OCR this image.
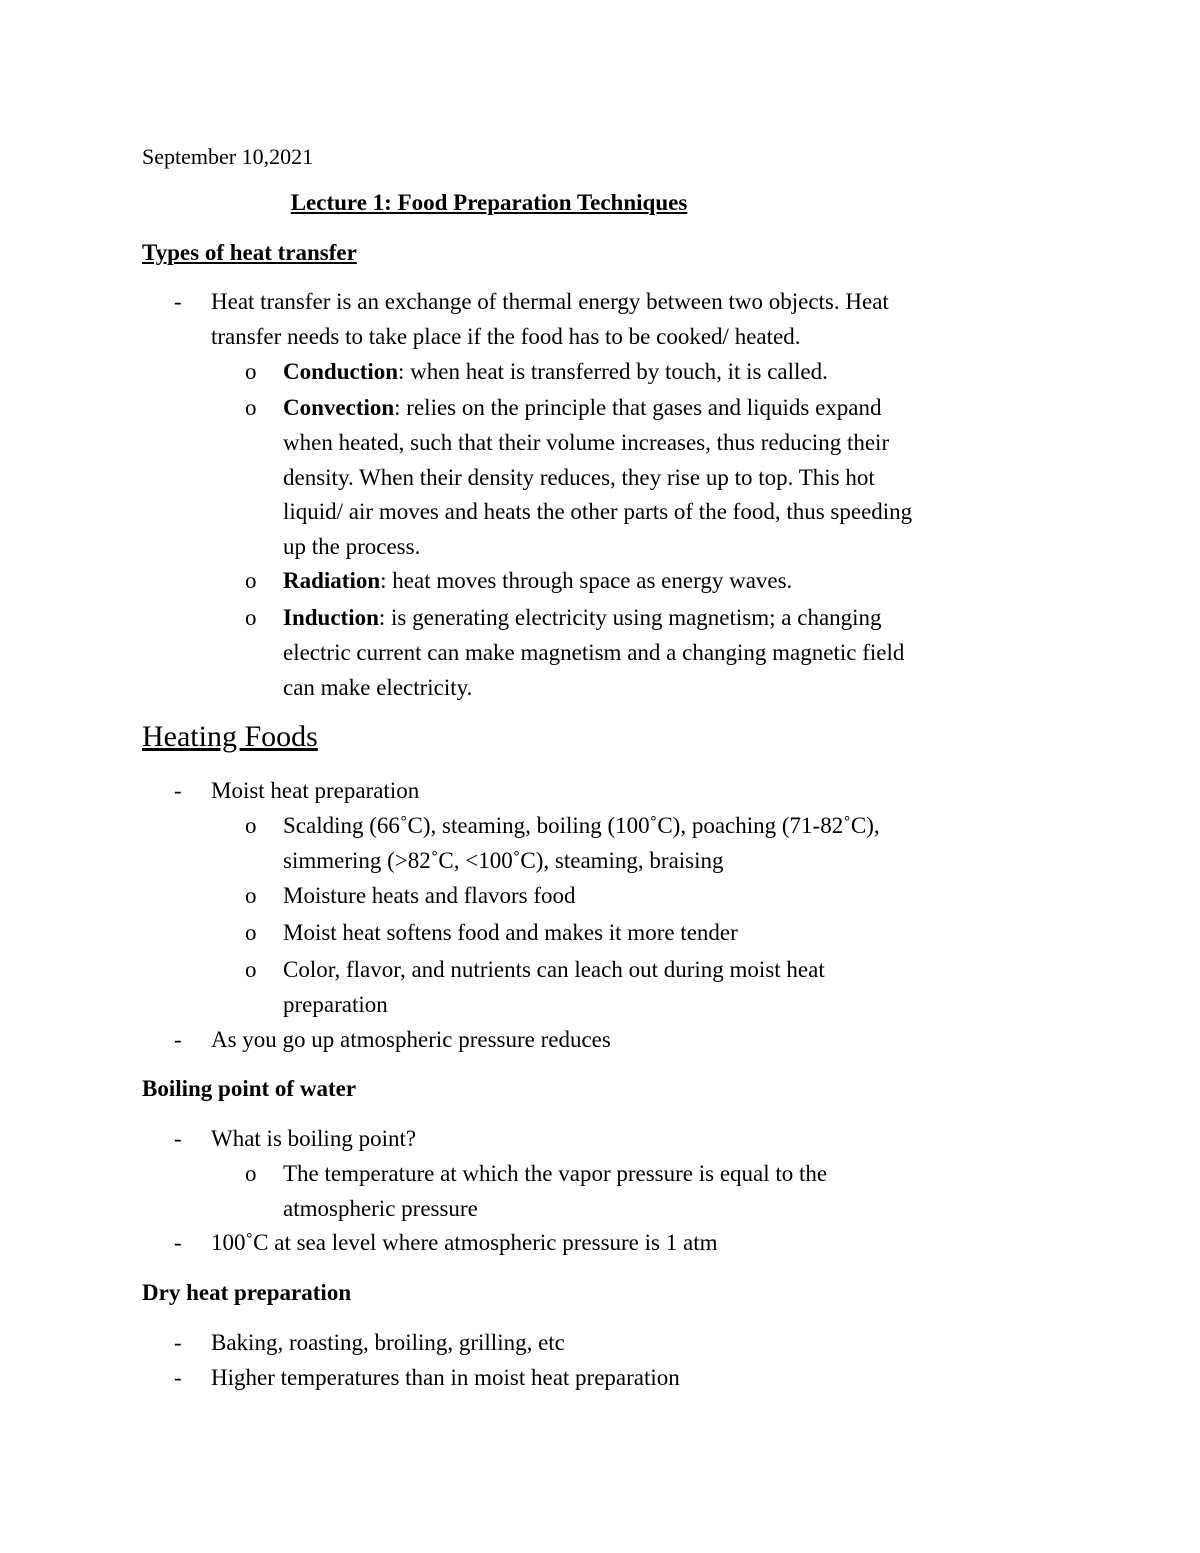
September 10,2021
Lecture 1: Food Preparation Techniques
Types of heat transfer
- Heat transfer is an exchange of thermal energy between two objects. Heat
transfer needs to take place if the food has to be cooked/ heated.
o Conduction: when heat is transferred by touch, it is called.
o Convection: relies on the principle that gases and liquids expand
when heated, such that their volume increases, thus reducing their
density. When their density reduces, they rise up to top. This hot
liquid/ air moves and heats the other parts of the food, thus speeding
up the process.
o Radiation: heat moves through space as energy waves.
o Induction: is generating electricity using magnetism; a changing
electric current can make magnetism and a changing magnetic field
can make electricity.
Heating Foods
- Moist heat preparation
o Scalding (66˚C), steaming, boiling (100˚C), poaching (71-82˚C),
simmering (>82˚C, <100˚C), steaming, braising
o Moisture heats and flavors food
o Moist heat softens food and makes it more tender
o Color, flavor, and nutrients can leach out during moist heat
preparation
- As you go up atmospheric pressure reduces
Boiling point of water
- What is boiling point?
o The temperature at which the vapor pressure is equal to the
atmospheric pressure
- 100˚C at sea level where atmospheric pressure is 1 atm
Dry heat preparation
- Baking, roasting, broiling, grilling, etc
- Higher temperatures than in moist heat preparation
